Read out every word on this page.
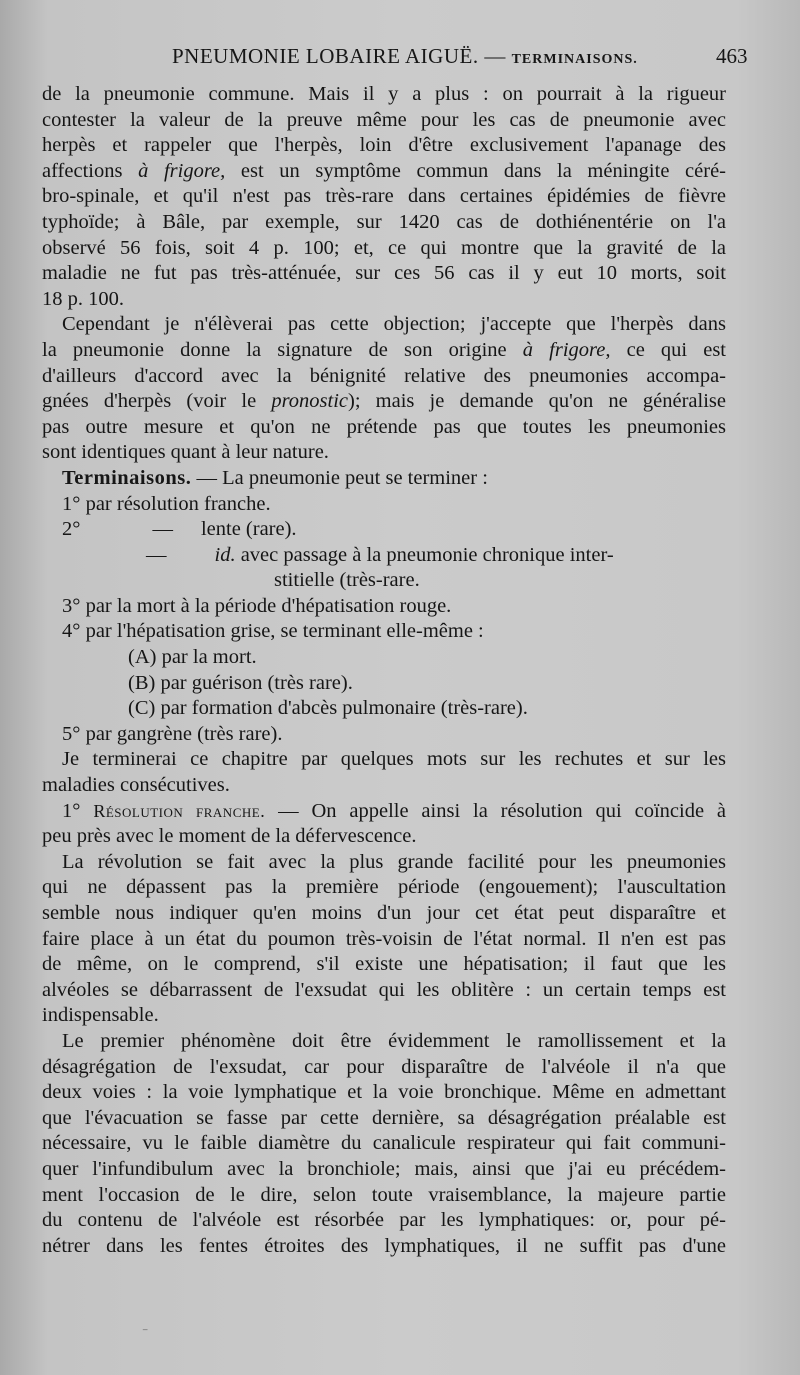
PNEUMONIE LOBAIRE AIGUË. — TERMINAISONS.	463
de la pneumonie commune. Mais il y a plus : on pourrait à la rigueur
contester la valeur de la preuve même pour les cas de pneumonie avec
herpès et rappeler que l'herpès, loin d'être exclusivement l'apanage des
affections à frigore, est un symptôme commun dans la méningite céré-
bro-spinale, et qu'il n'est pas très-rare dans certaines épidémies de fièvre
typhoïde; à Bâle, par exemple, sur 1420 cas de dothiénentérie on l'a
observé 56 fois, soit 4 p. 100; et, ce qui montre que la gravité de la
maladie ne fut pas très-atténuée, sur ces 56 cas il y eut 10 morts, soit
18 p. 100.
Cependant je n'élèverai pas cette objection; j'accepte que l'herpès dans
la pneumonie donne la signature de son origine à frigore, ce qui est
d'ailleurs d'accord avec la bénignité relative des pneumonies accompa-
gnées d'herpès (voir le pronostic); mais je demande qu'on ne généralise
pas outre mesure et qu'on ne prétende pas que toutes les pneumonies
sont identiques quant à leur nature.
Terminaisons. — La pneumonie peut se terminer :
1° par résolution franche.
2°	— lente (rare).
— id. avec passage à la pneumonie chronique inter-
stitielle (très-rare.
3° par la mort à la période d'hépatisation rouge.
4° par l'hépatisation grise, se terminant elle-même :
(A) par la mort.
(B) par guérison (très rare).
(C) par formation d'abcès pulmonaire (très-rare).
5° par gangrène (très rare).
Je terminerai ce chapitre par quelques mots sur les rechutes et sur les
maladies consécutives.
1° Résolution franche. — On appelle ainsi la résolution qui coïncide à
peu près avec le moment de la défervescence.
La révolution se fait avec la plus grande facilité pour les pneumonies
qui ne dépassent pas la première période (engouement); l'auscultation
semble nous indiquer qu'en moins d'un jour cet état peut disparaître et
faire place à un état du poumon très-voisin de l'état normal. Il n'en est pas
de même, on le comprend, s'il existe une hépatisation; il faut que les
alvéoles se débarrassent de l'exsudat qui les oblitère : un certain temps est
indispensable.
Le premier phénomène doit être évidemment le ramollissement et la
désagrégation de l'exsudat, car pour disparaître de l'alvéole il n'a que
deux voies : la voie lymphatique et la voie bronchique. Même en admettant
que l'évacuation se fasse par cette dernière, sa désagrégation préalable est
nécessaire, vu le faible diamètre du canalicule respirateur qui fait communi-
quer l'infundibulum avec la bronchiole; mais, ainsi que j'ai eu précédem-
ment l'occasion de le dire, selon toute vraisemblance, la majeure partie
du contenu de l'alvéole est résorbée par les lymphatiques: or, pour pé-
nétrer dans les fentes étroites des lymphatiques, il ne suffit pas d'une
⁻
